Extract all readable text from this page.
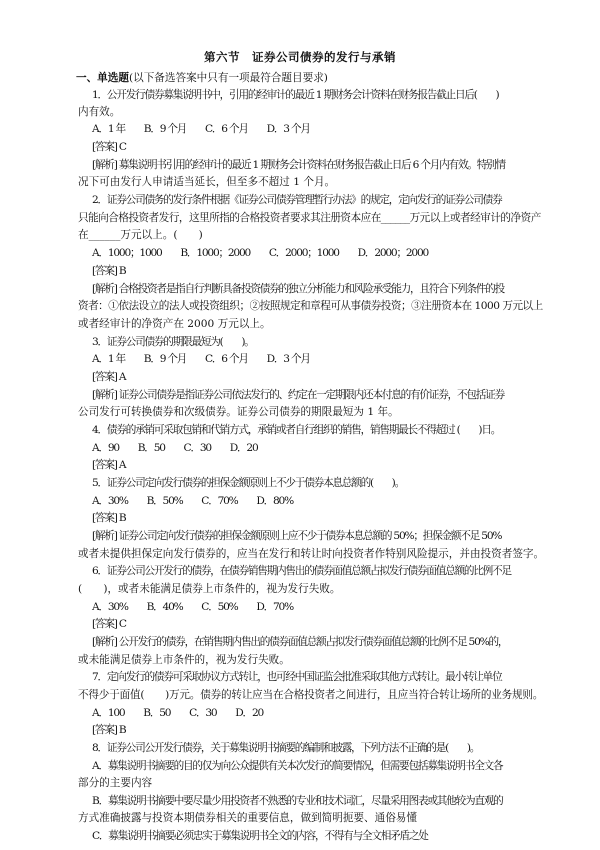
第六节　证券公司债券的发行与承销
一、单选题(以下备选答案中只有一项最符合题目要求)
1．公开发行债券募集说明书中，引用的经审计的最近 1 期财务会计资料在财务报告截止日后(　　)
内有效。
A．1 年　　B．9 个月　　C．6 个月　　D．3 个月
[答案] C
[解析] 募集说明书引用的经审计的最近 1 期财务会计资料在财务报告截止日后 6 个月内有效。特别情
况下可由发行人申请适当延长，但至多不超过 1 个月。
2．证券公司债务的发行条件根据《证券公司债券管理暂行办法》的规定，定向发行的证券公司债券
只能向合格投资者发行，这里所指的合格投资者要求其注册资本应在______万元以上或者经审计的净资产
在______万元以上。(　　)
A．1000；1000　　B．1000；2000　　C．2000；1000　　D．2000；2000
[答案] B
[解析] 合格投资者是指自行判断具备投资债券的独立分析能力和风险承受能力，且符合下列条件的投
资者：①依法设立的法人或投资组织；②按照规定和章程可从事债券投资；③注册资本在 1000 万元以上
或者经审计的净资产在 2000 万元以上。
3．证券公司债券的期限最短为(　　)。
A．1 年　　B．9 个月　　C．6 个月　　D．3 个月
[答案] A
[解析] 证券公司债券是指证券公司依法发行的、约定在一定期限内还本付息的有价证券，不包括证券
公司发行可转换债券和次级债券。证券公司债券的期限最短为 1 年。
4．债券的承销可采取包销和代销方式，承销或者自行组织的销售，销售期最长不得超过 (　　)日。
A．90　　B．50　　C．30　　D．20
[答案] A
5．证券公司定向发行债券的担保金额原则上不少于债券本息总额的(　　)。
A．30%　　B．50%　　C．70%　　D．80%
[答案] B
[解析] 证券公司定向发行债券的担保金额原则上应不少于债券本息总额的 50%；担保金额不足 50%
或者未提供担保定向发行债券的，应当在发行和转让时向投资者作特别风险提示，并由投资者签字。
6．证券公司公开发行的债券，在债券销售期内售出的债券面值总额占拟发行债券面值总额的比例不足
(　　)，或者未能满足债券上市条件的，视为发行失败。
A．30%　　B．40%　　C．50%　　D．70%
[答案] C
[解析] 公开发行的债券，在销售期内售出的债券面值总额占拟发行债券面值总额的比例不足 50%的，
或未能满足债券上市条件的，视为发行失败。
7．定向发行的债券可采取协议方式转让，也可经中国证监会批准采取其他方式转让。最小转让单位
不得少于面值(　　)万元。债券的转让应当在合格投资者之间进行，且应当符合转让场所的业务规则。
A．100　　B．50　　C．30　　D．20
[答案] B
8．证券公司公开发行债券，关于募集说明书摘要的编制和披露，下列方法不正确的是(　　)。
A．募集说明书摘要的目的仅为向公众提供有关本次发行的简要情况，但需要包括募集说明书全文各
部分的主要内容
B．募集说明书摘要中要尽量少用投资者不熟悉的专业和技术词汇，尽量采用图表或其他较为直观的
方式准确披露与投资本期债券相关的重要信息，做到简明扼要、通俗易懂
C．募集说明书摘要必须忠实于募集说明书全文的内容，不得有与全文相矛盾之处
